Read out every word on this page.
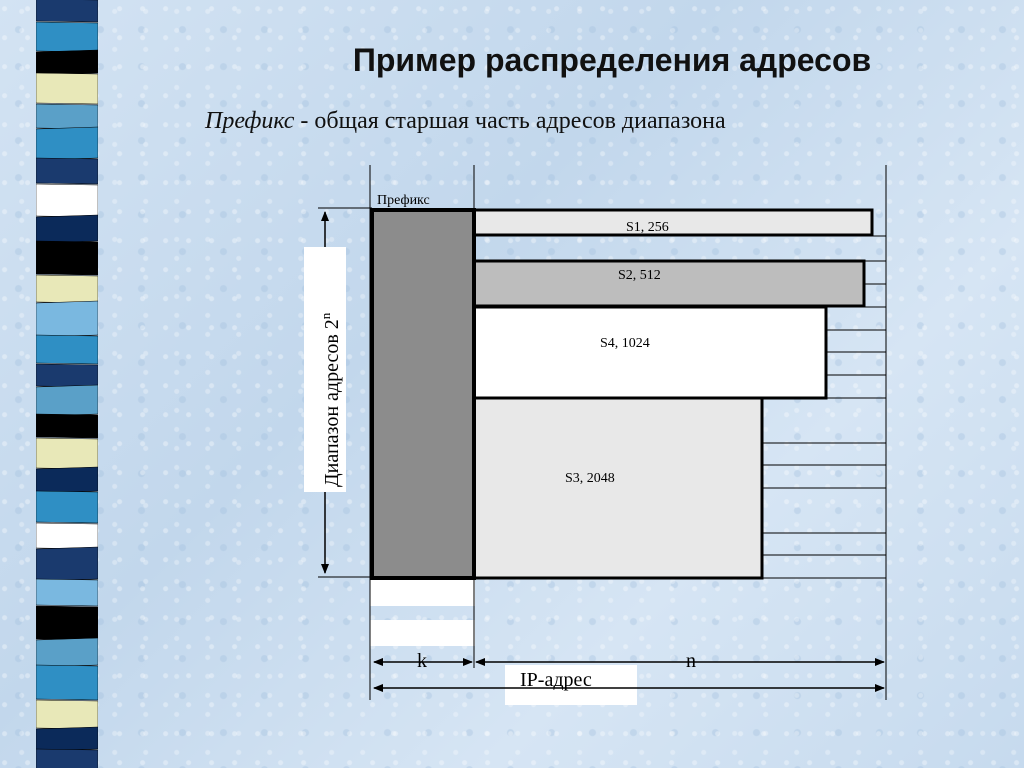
Пример распределения адресов
Префикс - общая старшая часть адресов диапазона
Диапазон адресов 2$^n$
Префикс
S1, 256
S2, 512
S4, 1024
S3, 2048
k	n
IP-адрес
